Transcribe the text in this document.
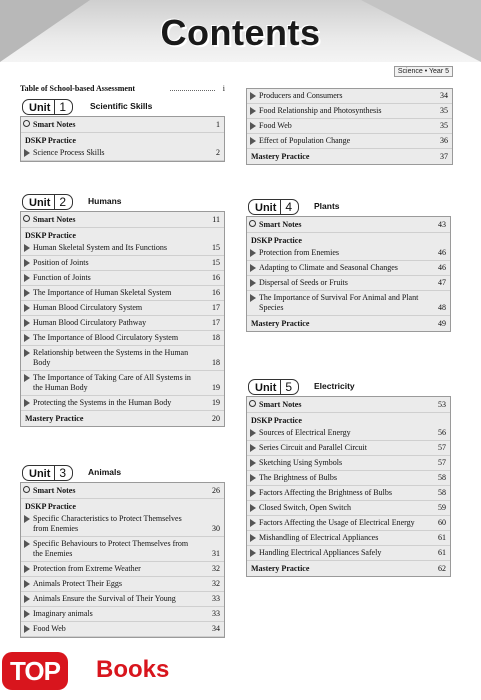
Contents
Science • Year 5
Table of School-based Assessment	i
Unit 1	Scientific Skills
Smart Notes	1
DSKP Practice
Science Process Skills	2
Producers and Consumers	34
Food Relationship and Photosynthesis	35
Food Web	35
Effect of Population Change	36
Mastery Practice	37
Unit 2	Humans
Smart Notes	11
DSKP Practice
Human Skeletal System and Its Functions	15
Position of Joints	15
Function of Joints	16
The Importance of Human Skeletal System	16
Human Blood Circulatory System	17
Human Blood Circulatory Pathway	17
The Importance of Blood Circulatory System	18
Relationship between the Systems in the Human Body	18
The Importance of Taking Care of All Systems in the Human Body	19
Protecting the Systems in the Human Body	19
Mastery Practice	20
Unit 3	Animals
Smart Notes	26
DSKP Practice
Specific Characteristics to Protect Themselves from Enemies	30
Specific Behaviours to Protect Themselves from the Enemies	31
Protection from Extreme Weather	32
Animals Protect Their Eggs	32
Animals Ensure the Survival of Their Young	33
Imaginary animals	33
Food Web	34
Unit 4	Plants
Smart Notes	43
DSKP Practice
Protection from Enemies	46
Adapting to Climate and Seasonal Changes	46
Dispersal of Seeds or Fruits	47
The Importance of Survival For Animal and Plant Species	48
Mastery Practice	49
Unit 5	Electricity
Smart Notes	53
DSKP Practice
Sources of Electrical Energy	56
Series Circuit and Parallel Circuit	57
Sketching Using Symbols	57
The Brightness of Bulbs	58
Factors Affecting the Brightness of Bulbs	58
Closed Switch, Open Switch	59
Factors Affecting the Usage of Electrical Energy	60
Mishandling of Electrical Appliances	61
Handling Electrical Appliances Safely	61
Mastery Practice	62
TOP	Books
